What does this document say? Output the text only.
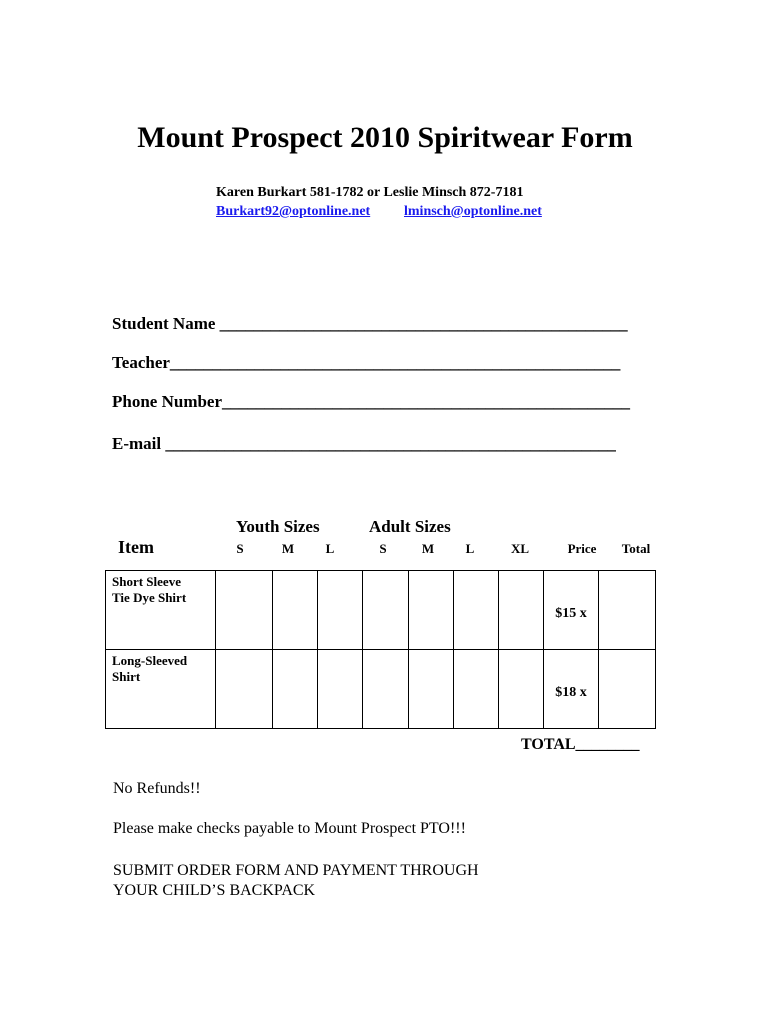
Mount Prospect 2010 Spiritwear Form
Karen Burkart 581-1782 or Leslie Minsch 872-7181
Burkart92@optonline.net lminsch@optonline.net
Student Name ________________________________________________
Teacher_____________________________________________________
Phone Number________________________________________________
E-mail _____________________________________________________
Youth Sizes	Adult Sizes
Item	S	M	L	S	M	L	XL	Price	Total
Short Sleeve
Tie Dye Shirt								$15 x	

Long-Sleeved
Shirt								$18 x	
TOTAL________
No Refunds!!
Please make checks payable to Mount Prospect PTO!!!
SUBMIT ORDER FORM AND PAYMENT THROUGH
YOUR CHILD’S BACKPACK
